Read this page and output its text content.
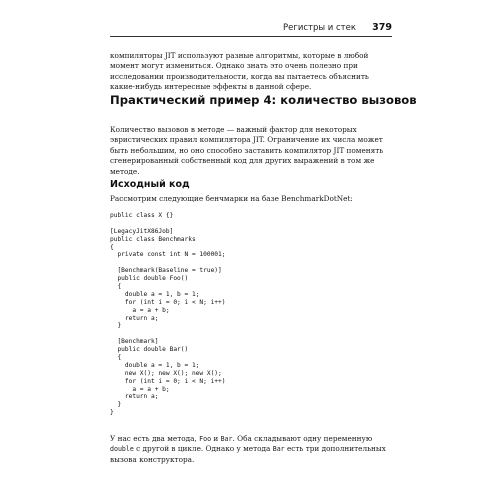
Регистры и стек 379

компиляторы JIT используют разные алгоритмы, которые в любой момент могут измениться. Однако знать это очень полезно при исследовании производительности, когда вы пытаетесь объяснить какие-нибудь интересные эффекты в данной сфере.

Практический пример 4: количество вызовов

Количество вызовов в методе — важный фактор для некоторых эвристических правил компилятора JIT. Ограничение их числа может быть небольшим, но оно способно заставить компилятор JIT поменять сгенерированный собственный код для других выражений в том же методе.

Исходный код

Рассмотрим следующие бенчмарки на базе BenchmarkDotNet:

public class X {}

[LegacyJitX86Job]
public class Benchmarks
{
private const int N = 100001;

[Benchmark(Baseline = true)]
public double Foo()
{
double a = 1, b = 1;
for (int i = 0; i < N; i++)
a = a + b;
return a;
}

[Benchmark]
public double Bar()
{
double a = 1, b = 1;
new X(); new X(); new X();
for (int i = 0; i < N; i++)
a = a + b;
return a;
}
}

У нас есть два метода, Foo и Bar. Оба складывают одну переменную double с другой в цикле. Однако у метода Bar есть три дополнительных вызова конструктора.
